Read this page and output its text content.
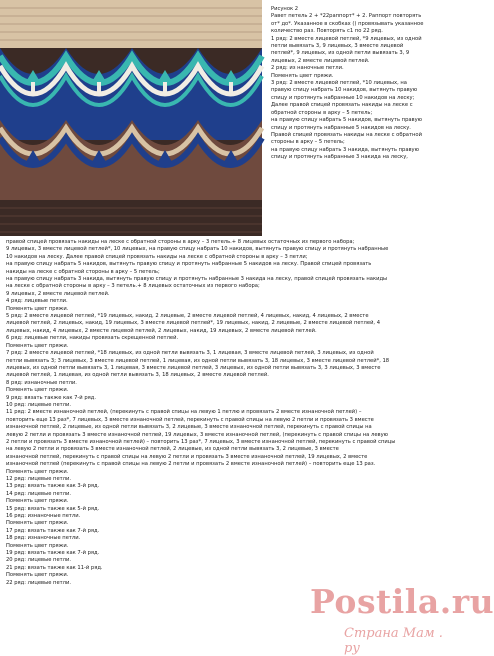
Рисунок 2
Равет петель 2 + *22раппорт* + 2. Раппорт повторять
от* до*. Указанное в скобках () провязывать указанное
количество раз. Повторять с1 по 22 ряд.
1 ряд: 2 вместе лицевой петлей, *9 лицевых, из одной
петли вывязать 3, 9 лицевых, 3 вместе лицевой
петлей*, 9 лицевых, из одной петли вывязать 3, 9
лицевых, 2 вместе лицевой петлей.
2 ряд: из наночные петли.
Поменять цвет пряжи.
3 ряд: 2 вместе лицевой петлей, *10 лицевых, на
правую спицу набрать 10 накидов, вытянуть правую
спицу и протянуть набранные 10 накидов на леску;
Далее правой спицей провязать накиды на леске с
обратной стороны в арку – 5 петель;
на правую спицу набрать 5 накидов, вытянуть правую
спицу и протянуть набранные 5 накидов на леску.
Правой спицей провязать накиды на леске с обратной
стороны в арку – 5 петель;
на правую спицу набрать 3 накида, вытянуть правую
спицу и протянуть набранные 3 накида на леску,
правой спицей провязать накиды на леске с обратной стороны в арку – 3 петель.+ 8 лицевых остаточных из первого набора;
9 лицевых, 3 вместе лицевой петлей*, 10 лицевых, на правую спицу набрать 10 накидов, вытянуть правую спицу и протянуть набранные
10 накидов на леску. Далее правой спицей провязать накиды на леске с обратной стороны в арку – 3 петли;
на правую спицу набрать 5 накидов, вытянуть правую спицу и протянуть набранные 5 накидов на леску. Правой спицей провязать
накиды на леске с обратной стороны в арку – 5 петель;
на правую спицу набрать 3 накида, вытянуть правую спицу и протянуть набранные 3 накида на леску, правой спицей провязать накиды
на леске с обратной стороны в арку – 3 петель.+ 8 лицевых остаточных из первого набора;
9 лицевых, 2 вместе лицевой петлей.
4 ряд: лицевые петли.
Поменять цвет пряжи.
5 ряд: 2 вместе лицевой петлей, *19 лицевых, накид, 2 лицевые, 2 вместе лицевой петлей, 4 лицевых, накид, 4 лицевых, 2 вместе
лицевой петлей, 2 лицевых, накид, 19 лицевых, 3 вместе лицевой петлей*, 19 лицевых, накид, 2 лицевые, 2 вместе лицевой петлей, 4
лицевых, накид, 4 лицевых, 2 вместе лицевой петлей, 2 лицевых, накид, 19 лицевых, 2 вместе лицевой петлей.
6 ряд: лицевые петли, накиды провязать скрещенной петлей.
Поменять цвет пряжи.
7 ряд: 2 вместе лицевой петлей, *18 лицевых, из одной петли вывязать 3, 1 лицевая, 3 вместе лицевой петлей, 3 лицевых, из одной
петли вывязать 3; 3 лицевых, 3 вместе лицевой петлей, 1 лицевая, из одной петли вывязать 3, 18 лицевых, 3 вместе лицевой петлей*, 18
лицевых, из одной петли вывязать 3, 1 лицевая, 3 вместе лицевой петлей, 3 лицевых, из одной петли вывязать 3, 3 лицевых, 3 вместе
лицевой петлей, 1 лицевая, из одной петли вывязать 3, 18 лицевых, 2 вместе лицевой петлей.
8 ряд: изнаночные петли.
Поменять цвет пряжи.
9 ряд: вязать также как 7-й ряд.
10 ряд: лицевые петли.
11 ряд: 2 вместе изнаночной петлей, (перекинуть с правой спицы на левую 1 петлю и провязать 2 вместе изнаночной петлей) –
повторить еще 13 раз*, 7 лицевых, 3 вместе изнаночной петлей, перекинуть с правой спицы на левую 2 петли и провязать 3 вместе
изнаночной петлей, 2 лицевые, из одной петли вывязать 3, 2 лицевые, 3 вместе изнаночной петлей, перекинуть с правой спицы на
левую 2 петли и провязать 3 вместе изнаночной петлей, 19 лицевых, 3 вместе изнаночной петлей, (перекинуть с правой спицы на левую
2 петли и провязать 3 вместе изнаночной петлей) – повторить 13 раз*, 7 лицевых, 3 вместе изнаночной петлей, перекинуть с правой спицы
на левую 2 петли и провязать 3 вместе изнаночной петлей, 2 лицевые, из одной петли вывязать 3, 2 лицевые, 3 вместе
изнаночной петлей, перекинуть с правой спицы на левую 2 петли и провязать 3 вместе изнаночной петлей, 19 лицевых, 2 вместе
изнаночной петлей (перекинуть с правой спицы на левую 2 петли и провязать 2 вместе изнаночной петлей) – повторить еще 13 раз.
Поменять цвет пряжи.
12 ряд: лицевые петли.
13 ряд: вязать также как 3-й ряд.
14 ряд: лицевые петли.
Поменять цвет пряжи.
15 ряд: вязать также как 5-й ряд.
16 ряд: изнаночные петли.
Поменять цвет пряжи.
17 ряд: вязать также как 7-й ряд.
18 ряд: изнаночные петли.
Поменять цвет пряжи.
19 ряд: вязать также как 7-й ряд.
20 ряд: лицевые петли.
21 ряд: вязать также как 11-й ряд.
Поменять цвет пряжи.
22 ряд: лицевые петли.	Postila.ru
Страна Мам . ру
